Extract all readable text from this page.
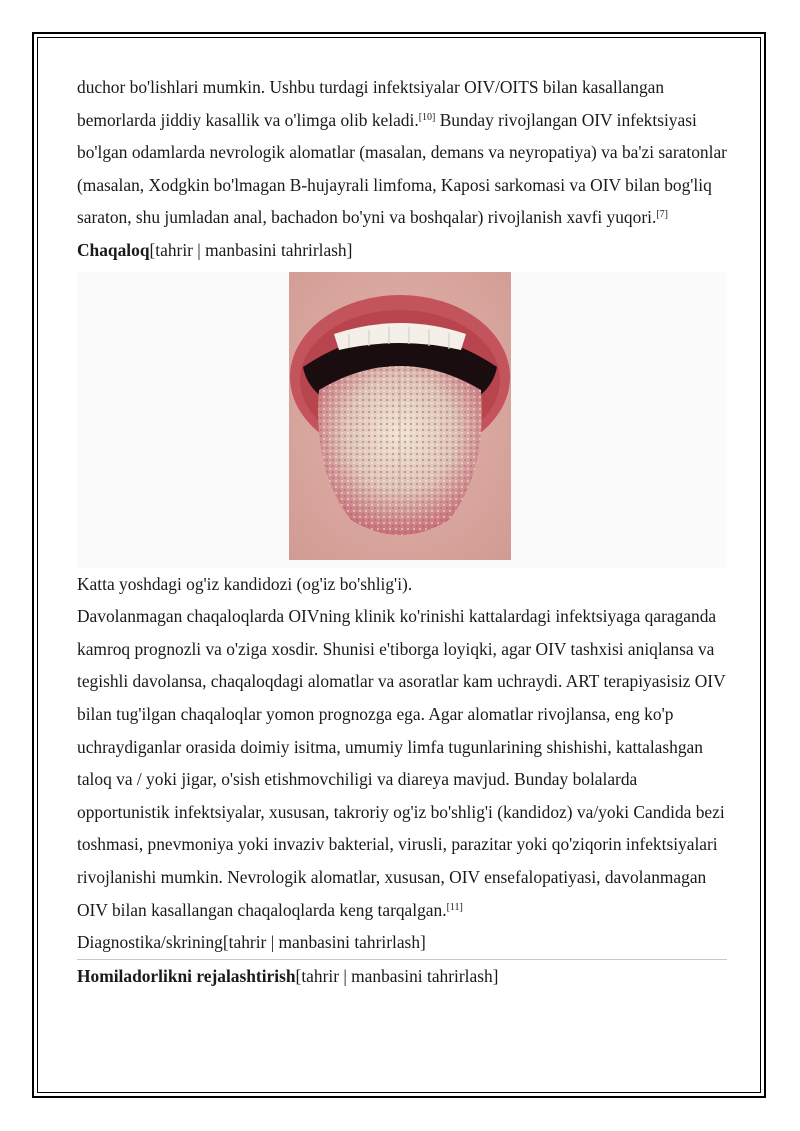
duchor bo'lishlari mumkin. Ushbu turdagi infektsiyalar OIV/OITS bilan kasallangan bemorlarda jiddiy kasallik va o'limga olib keladi.[10] Bunday rivojlangan OIV infektsiyasi bo'lgan odamlarda nevrologik alomatlar (masalan, demans va neyropatiya) va ba'zi saratonlar (masalan, Xodgkin bo'lmagan B-hujayrali limfoma, Kaposi sarkomasi va OIV bilan bog'liq saraton, shu jumladan anal, bachadon bo'yni va boshqalar) rivojlanish xavfi yuqori.[7]

Chaqaloq[tahrir | manbasini tahrirlash]

Katta yoshdagi og'iz kandidozi (og'iz bo'shlig'i).

Davolanmagan chaqaloqlarda OIVning klinik ko'rinishi kattalardagi infektsiyaga qaraganda kamroq prognozli va o'ziga xosdir. Shunisi e'tiborga loyiqki, agar OIV tashxisi aniqlansa va tegishli davolansa, chaqaloqdagi alomatlar va asoratlar kam uchraydi. ART terapiyasisiz OIV bilan tug'ilgan chaqaloqlar yomon prognozga ega. Agar alomatlar rivojlansa, eng ko'p uchraydiganlar orasida doimiy isitma, umumiy limfa tugunlarining shishishi, kattalashgan taloq va / yoki jigar, o'sish etishmovchiligi va diareya mavjud. Bunday bolalarda opportunistik infektsiyalar, xususan, takroriy og'iz bo'shlig'i (kandidoz) va/yoki Candida bezi toshmasi, pnevmoniya yoki invaziv bakterial, virusli, parazitar yoki qo'ziqorin infektsiyalari rivojlanishi mumkin. Nevrologik alomatlar, xususan, OIV ensefalopatiyasi, davolanmagan OIV bilan kasallangan chaqaloqlarda keng tarqalgan.[11]

Diagnostika/skrining[tahrir | manbasini tahrirlash]

Homiladorlikni rejalashtirish[tahrir | manbasini tahrirlash]
